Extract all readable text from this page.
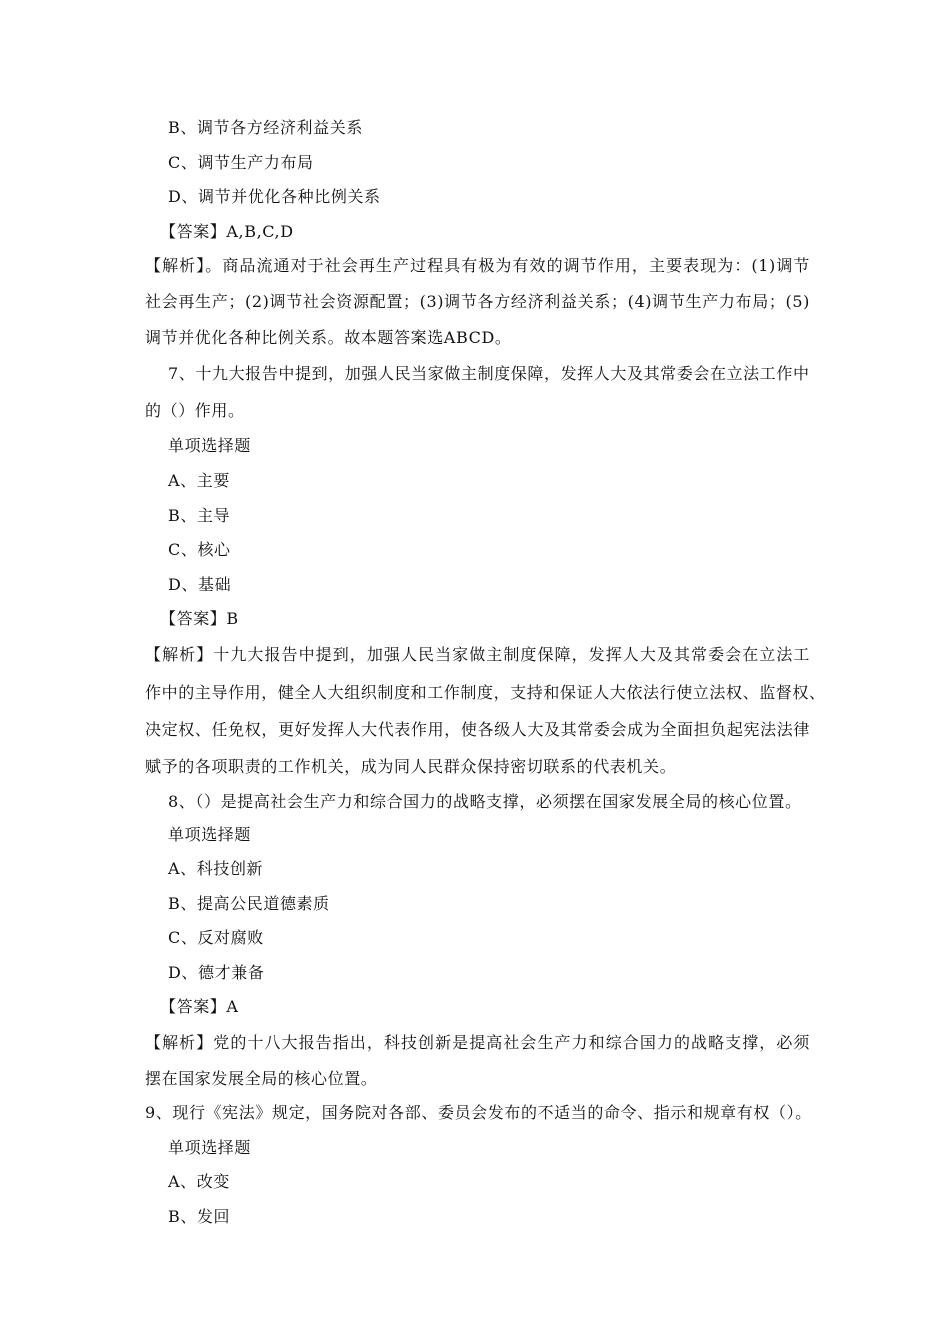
B、调节各方经济利益关系
C、调节生产力布局
D、调节并优化各种比例关系
【答案】A,B,C,D
【解析】。商品流通对于社会再生产过程具有极为有效的调节作用，主要表现为：(1)调节
社会再生产；(2)调节社会资源配置；(3)调节各方经济利益关系；(4)调节生产力布局；(5)
调节并优化各种比例关系。故本题答案选ABCD。
7、十九大报告中提到，加强人民当家做主制度保障，发挥人大及其常委会在立法工作中
的（）作用。
单项选择题
A、主要
B、主导
C、核心
D、基础
【答案】B
【解析】十九大报告中提到，加强人民当家做主制度保障，发挥人大及其常委会在立法工
作中的主导作用，健全人大组织制度和工作制度，支持和保证人大依法行使立法权、监督权、
决定权、任免权，更好发挥人大代表作用，使各级人大及其常委会成为全面担负起宪法法律
赋予的各项职责的工作机关，成为同人民群众保持密切联系的代表机关。
8、（）是提高社会生产力和综合国力的战略支撑，必须摆在国家发展全局的核心位置。
单项选择题
A、科技创新
B、提高公民道德素质
C、反对腐败
D、德才兼备
【答案】A
【解析】党的十八大报告指出，科技创新是提高社会生产力和综合国力的战略支撑，必须
摆在国家发展全局的核心位置。
9、现行《宪法》规定，国务院对各部、委员会发布的不适当的命令、指示和规章有权（）。
单项选择题
A、改变
B、发回
